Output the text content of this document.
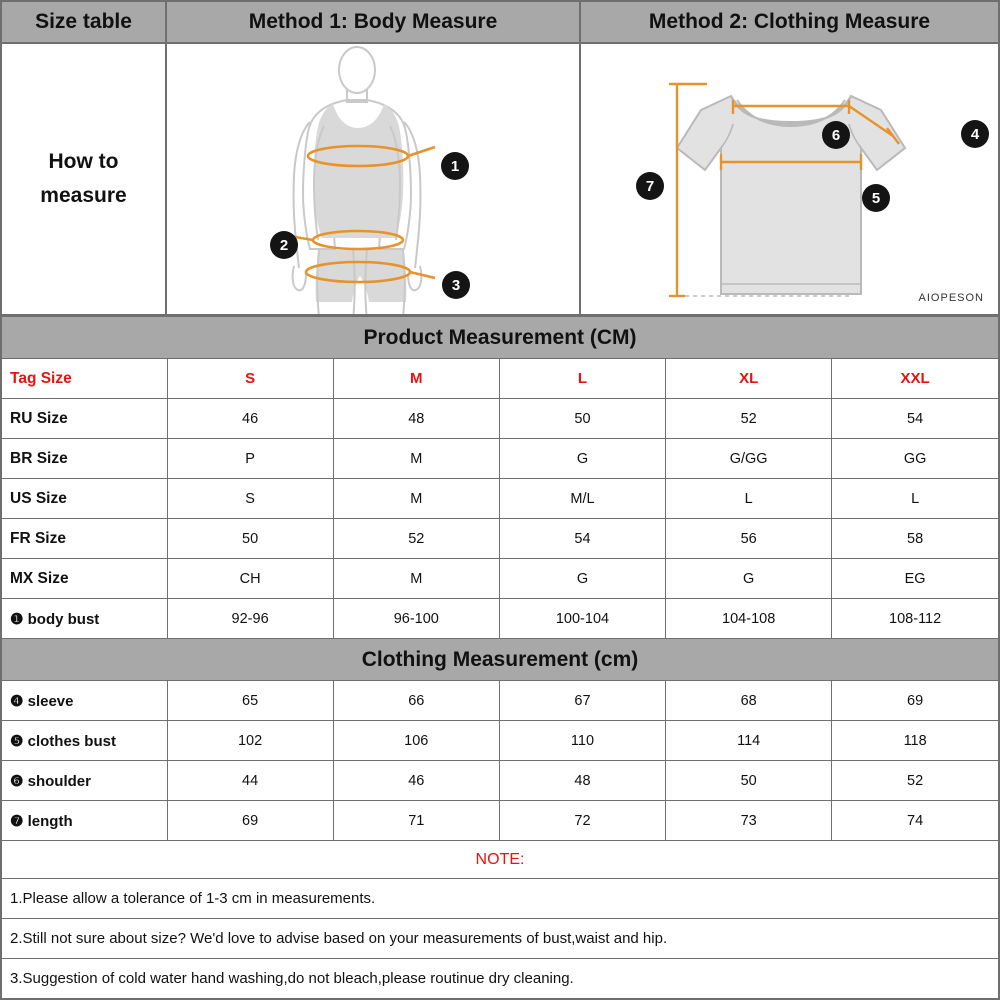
Size table
How to
measure
Method 1: Body Measure
1
2
3
Method 2: Clothing Measure
6	4
5
7
AIOPESON
Product Measurement (CM)					
Tag Size	S	M	L	XL	XXL
RU Size	46	48	50	52	54
BR Size	P	M	G	G/GG	GG
US Size	S	M	M/L	L	L
FR Size	50	52	54	56	58
MX Size	CH	M	G	G	EG
❶ body bust	92-96	96-100	100-104	104-108	108-112
Clothing Measurement (cm)					
❹ sleeve	65	66	67	68	69
❺ clothes bust	102	106	110	114	118
❻ shoulder	44	46	48	50	52
❼ length	69	71	72	73	74
NOTE:					
1.Please allow a tolerance of 1-3 cm in measurements.					
2.Still not sure about size? We'd love to advise based on your measurements of bust,waist and hip.					
3.Suggestion of cold water hand washing,do not bleach,please routinue dry cleaning.					
